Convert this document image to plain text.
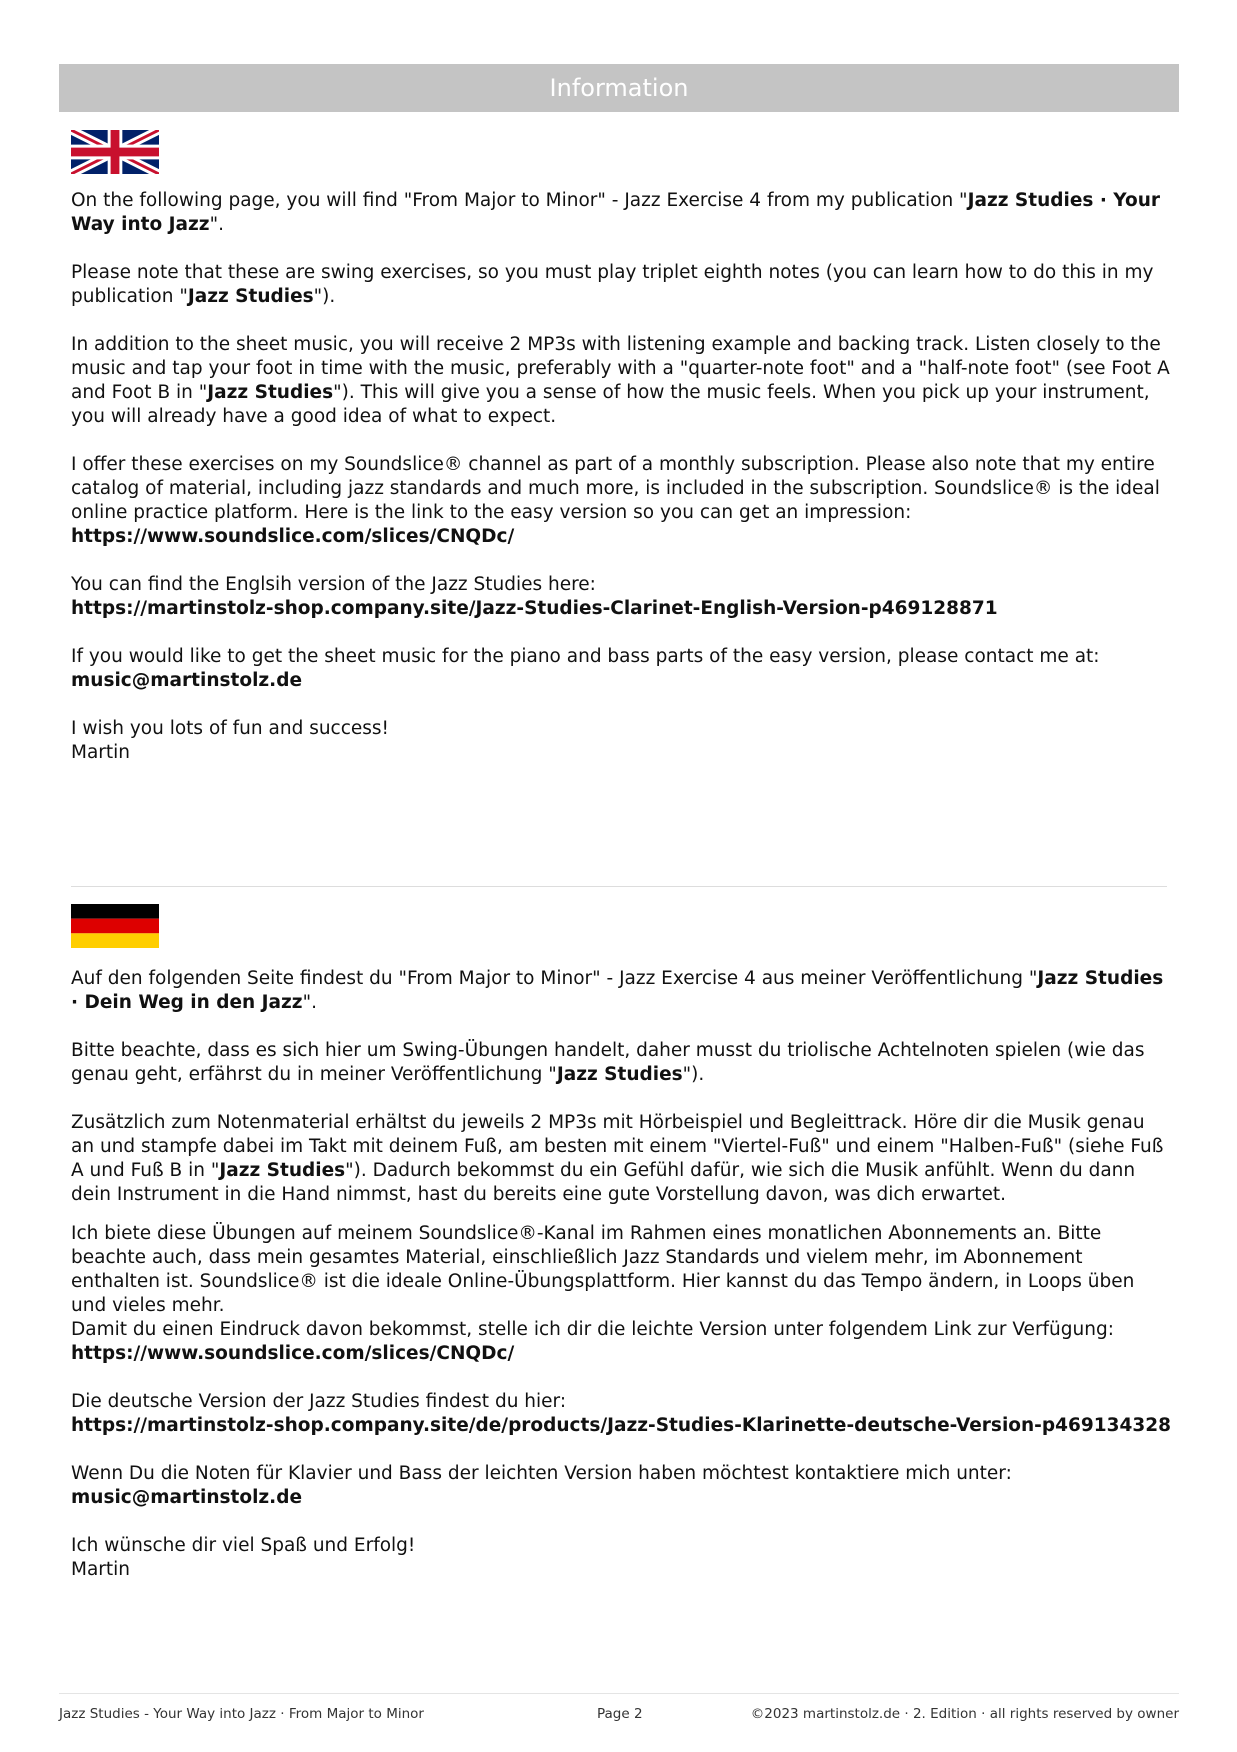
Information

On the following page, you will find "From Major to Minor" - Jazz Exercise 4 from my publication "Jazz Studies · Your Way into Jazz".

Please note that these are swing exercises, so you must play triplet eighth notes (you can learn how to do this in my publication "Jazz Studies").

In addition to the sheet music, you will receive 2 MP3s with listening example and backing track. Listen closely to the music and tap your foot in time with the music, preferably with a "quarter-note foot" and a "half-note foot" (see Foot A and Foot B in "Jazz Studies"). This will give you a sense of how the music feels. When you pick up your instrument, you will already have a good idea of what to expect.

I offer these exercises on my Soundslice® channel as part of a monthly subscription. Please also note that my entire catalog of material, including jazz standards and much more, is included in the subscription. Soundslice® is the ideal online practice platform. Here is the link to the easy version so you can get an impression:
https://www.soundslice.com/slices/CNQDc/

You can find the Englsih version of the Jazz Studies here:
https://martinstolz-shop.company.site/Jazz-Studies-Clarinet-English-Version-p469128871

If you would like to get the sheet music for the piano and bass parts of the easy version, please contact me at:
music@martinstolz.de

I wish you lots of fun and success!
Martin

Auf den folgenden Seite findest du "From Major to Minor" - Jazz Exercise 4 aus meiner Veröffentlichung "Jazz Studies · Dein Weg in den Jazz".

Bitte beachte, dass es sich hier um Swing-Übungen handelt, daher musst du triolische Achtelnoten spielen (wie das genau geht, erfährst du in meiner Veröffentlichung "Jazz Studies").

Zusätzlich zum Notenmaterial erhältst du jeweils 2 MP3s mit Hörbeispiel und Begleittrack. Höre dir die Musik genau an und stampfe dabei im Takt mit deinem Fuß, am besten mit einem "Viertel-Fuß" und einem "Halben-Fuß" (siehe Fuß A und Fuß B in "Jazz Studies"). Dadurch bekommst du ein Gefühl dafür, wie sich die Musik anfühlt. Wenn du dann dein Instrument in die Hand nimmst, hast du bereits eine gute Vorstellung davon, was dich erwartet.

Ich biete diese Übungen auf meinem Soundslice®-Kanal im Rahmen eines monatlichen Abonnements an. Bitte beachte auch, dass mein gesamtes Material, einschließlich Jazz Standards und vielem mehr, im Abonnement enthalten ist. Soundslice® ist die ideale Online-Übungsplattform. Hier kannst du das Tempo ändern, in Loops üben und vieles mehr.
Damit du einen Eindruck davon bekommst, stelle ich dir die leichte Version unter folgendem Link zur Verfügung:
https://www.soundslice.com/slices/CNQDc/

Die deutsche Version der Jazz Studies findest du hier:
https://martinstolz-shop.company.site/de/products/Jazz-Studies-Klarinette-deutsche-Version-p469134328

Wenn Du die Noten für Klavier und Bass der leichten Version haben möchtest kontaktiere mich unter:
music@martinstolz.de

Ich wünsche dir viel Spaß und Erfolg!
Martin

Jazz Studies - Your Way into Jazz · From Major to Minor	Page 2	©2023 martinstolz.de · 2. Edition · all rights reserved by owner
